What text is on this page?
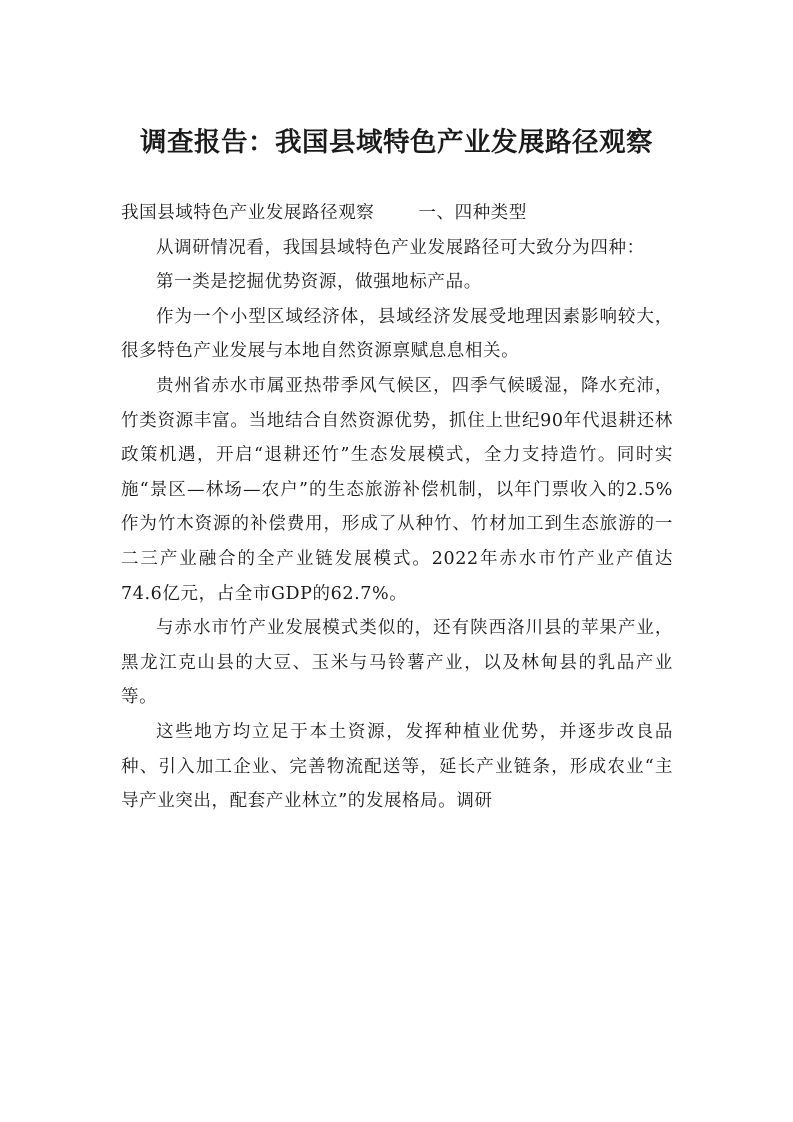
调查报告：我国县域特色产业发展路径观察

我国县域特色产业发展路径观察	一、四种类型

从调研情况看，我国县域特色产业发展路径可大致分为四种：

第一类是挖掘优势资源，做强地标产品。

作为一个小型区域经济体，县域经济发展受地理因素影响较大，很多特色产业发展与本地自然资源禀赋息息相关。

贵州省赤水市属亚热带季风气候区，四季气候暖湿，降水充沛，竹类资源丰富。当地结合自然资源优势，抓住上世纪90年代退耕还林政策机遇，开启“退耕还竹”生态发展模式，全力支持造竹。同时实施“景区—林场—农户”的生态旅游补偿机制，以年门票收入的2.5%作为竹木资源的补偿费用，形成了从种竹、竹材加工到生态旅游的一二三产业融合的全产业链发展模式。2022年赤水市竹产业产值达74.6亿元，占全市GDP的62.7%。

与赤水市竹产业发展模式类似的，还有陕西洛川县的苹果产业，黑龙江克山县的大豆、玉米与马铃薯产业，以及林甸县的乳品产业等。

这些地方均立足于本土资源，发挥种植业优势，并逐步改良品种、引入加工企业、完善物流配送等，延长产业链条，形成农业“主导产业突出，配套产业林立”的发展格局。调研
